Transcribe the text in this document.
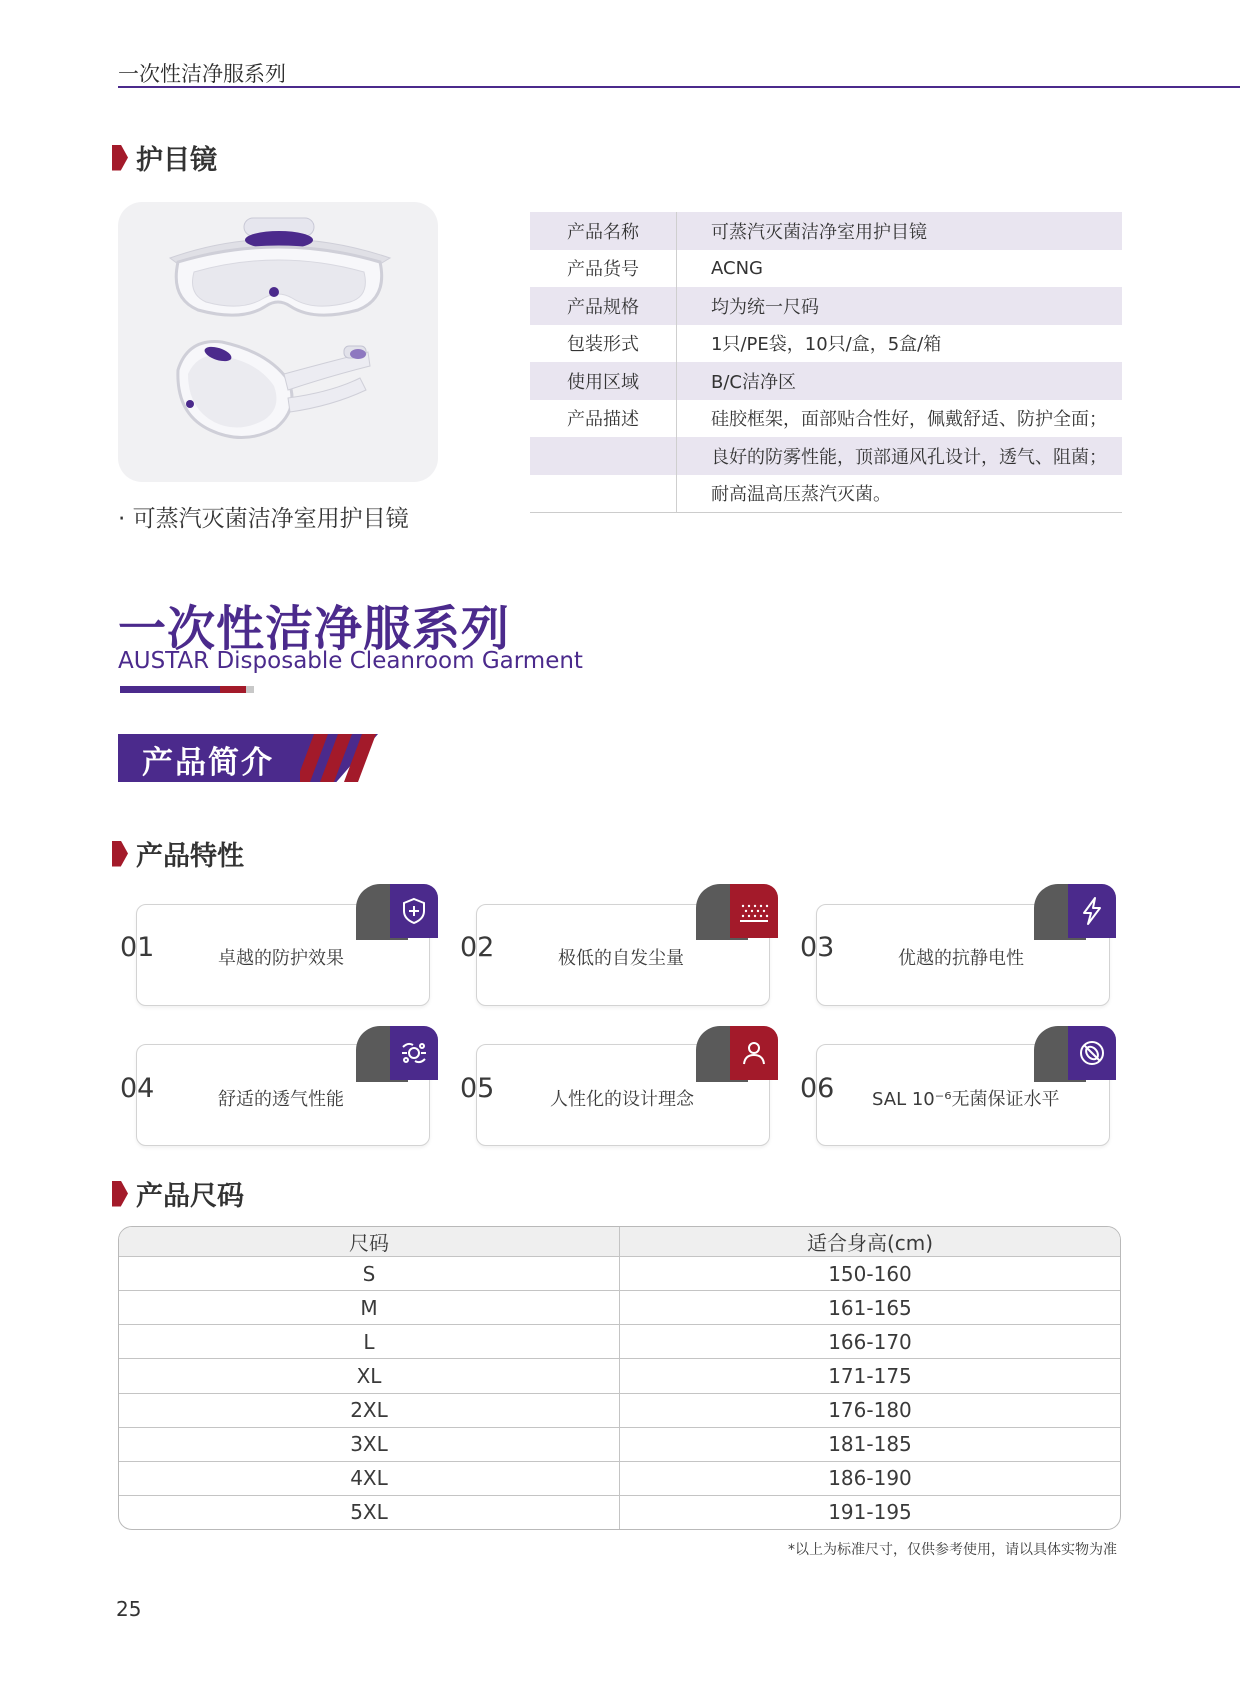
一次性洁净服系列
护目镜
· 可蒸汽灭菌洁净室用护目镜
产品名称	可蒸汽灭菌洁净室用护目镜
产品货号	ACNG
产品规格	均为统一尺码
包装形式	1只/PE袋，10只/盒，5盒/箱
使用区域	B/C洁净区
产品描述	硅胶框架，面部贴合性好，佩戴舒适、防护全面；
	良好的防雾性能，顶部通风孔设计，透气、阻菌；
	耐高温高压蒸汽灭菌。
一次性洁净服系列
AUSTAR Disposable Cleanroom Garment
产品简介
产品特性
01	卓越的防护效果	02	极低的自发尘量	03	优越的抗静电性
04	舒适的透气性能	05	人性化的设计理念	06 SAL 10⁻⁶无菌保证水平
产品尺码
尺码	适合身高(cm)
S	150-160
M	161-165
L	166-170
XL	171-175
2XL	176-180
3XL	181-185
4XL	186-190
5XL	191-195
*以上为标准尺寸，仅供参考使用，请以具体实物为准
25
